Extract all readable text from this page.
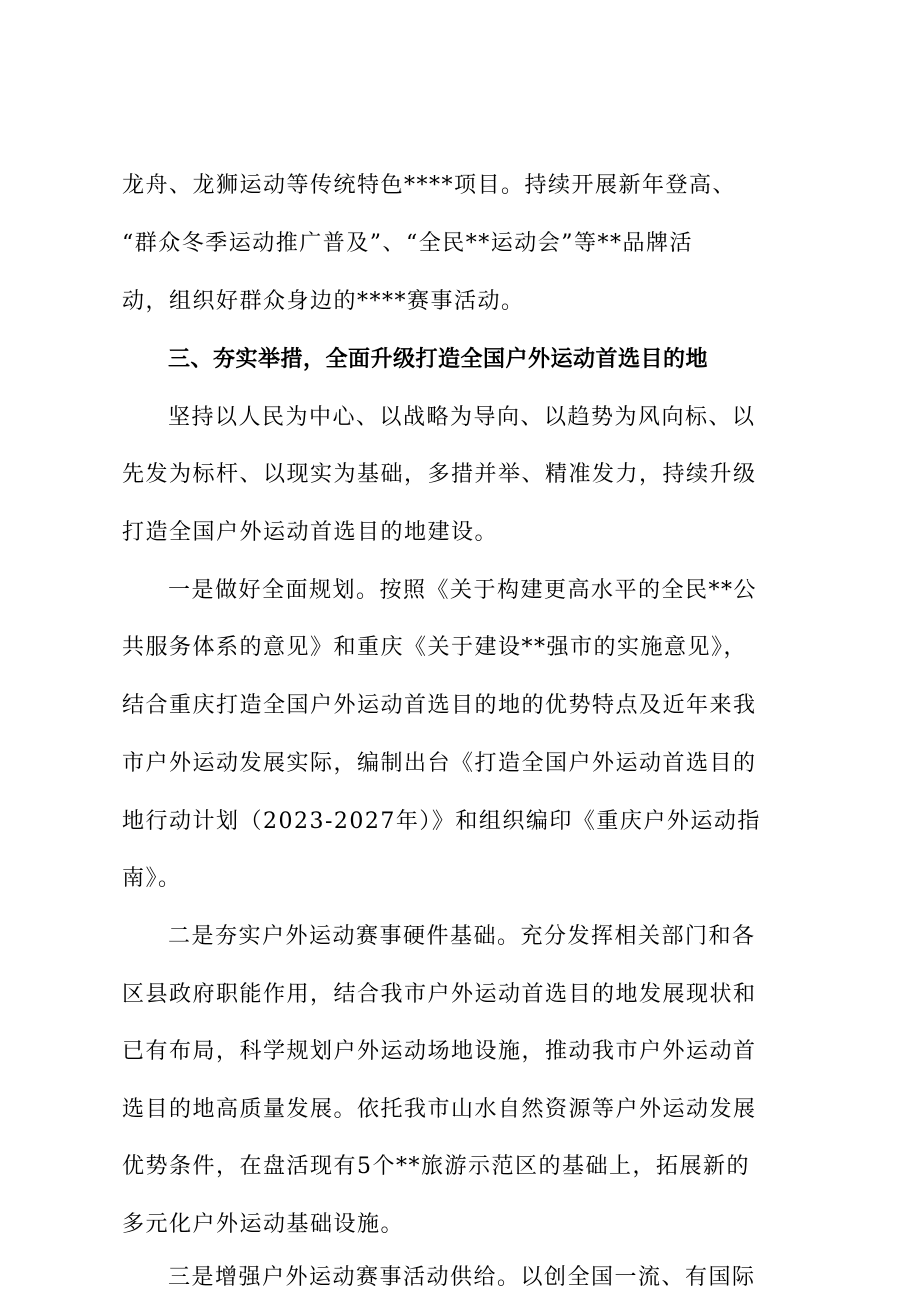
龙舟、龙狮运动等传统特色****项目。持续开展新年登高、
“群众冬季运动推广普及”、“全民**运动会”等**品牌活
动，组织好群众身边的****赛事活动。
三、夯实举措，全面升级打造全国户外运动首选目的地
坚持以人民为中心、以战略为导向、以趋势为风向标、以
先发为标杆、以现实为基础，多措并举、精准发力，持续升级
打造全国户外运动首选目的地建设。
一是做好全面规划。按照《关于构建更高水平的全民**公
共服务体系的意见》和重庆《关于建设**强市的实施意见》，
结合重庆打造全国户外运动首选目的地的优势特点及近年来我
市户外运动发展实际，编制出台《打造全国户外运动首选目的
地行动计划（2023-2027年）》和组织编印《重庆户外运动指
南》。
二是夯实户外运动赛事硬件基础。充分发挥相关部门和各
区县政府职能作用，结合我市户外运动首选目的地发展现状和
已有布局，科学规划户外运动场地设施，推动我市户外运动首
选目的地高质量发展。依托我市山水自然资源等户外运动发展
优势条件，在盘活现有5个**旅游示范区的基础上，拓展新的
多元化户外运动基础设施。
三是增强户外运动赛事活动供给。以创全国一流、有国际
